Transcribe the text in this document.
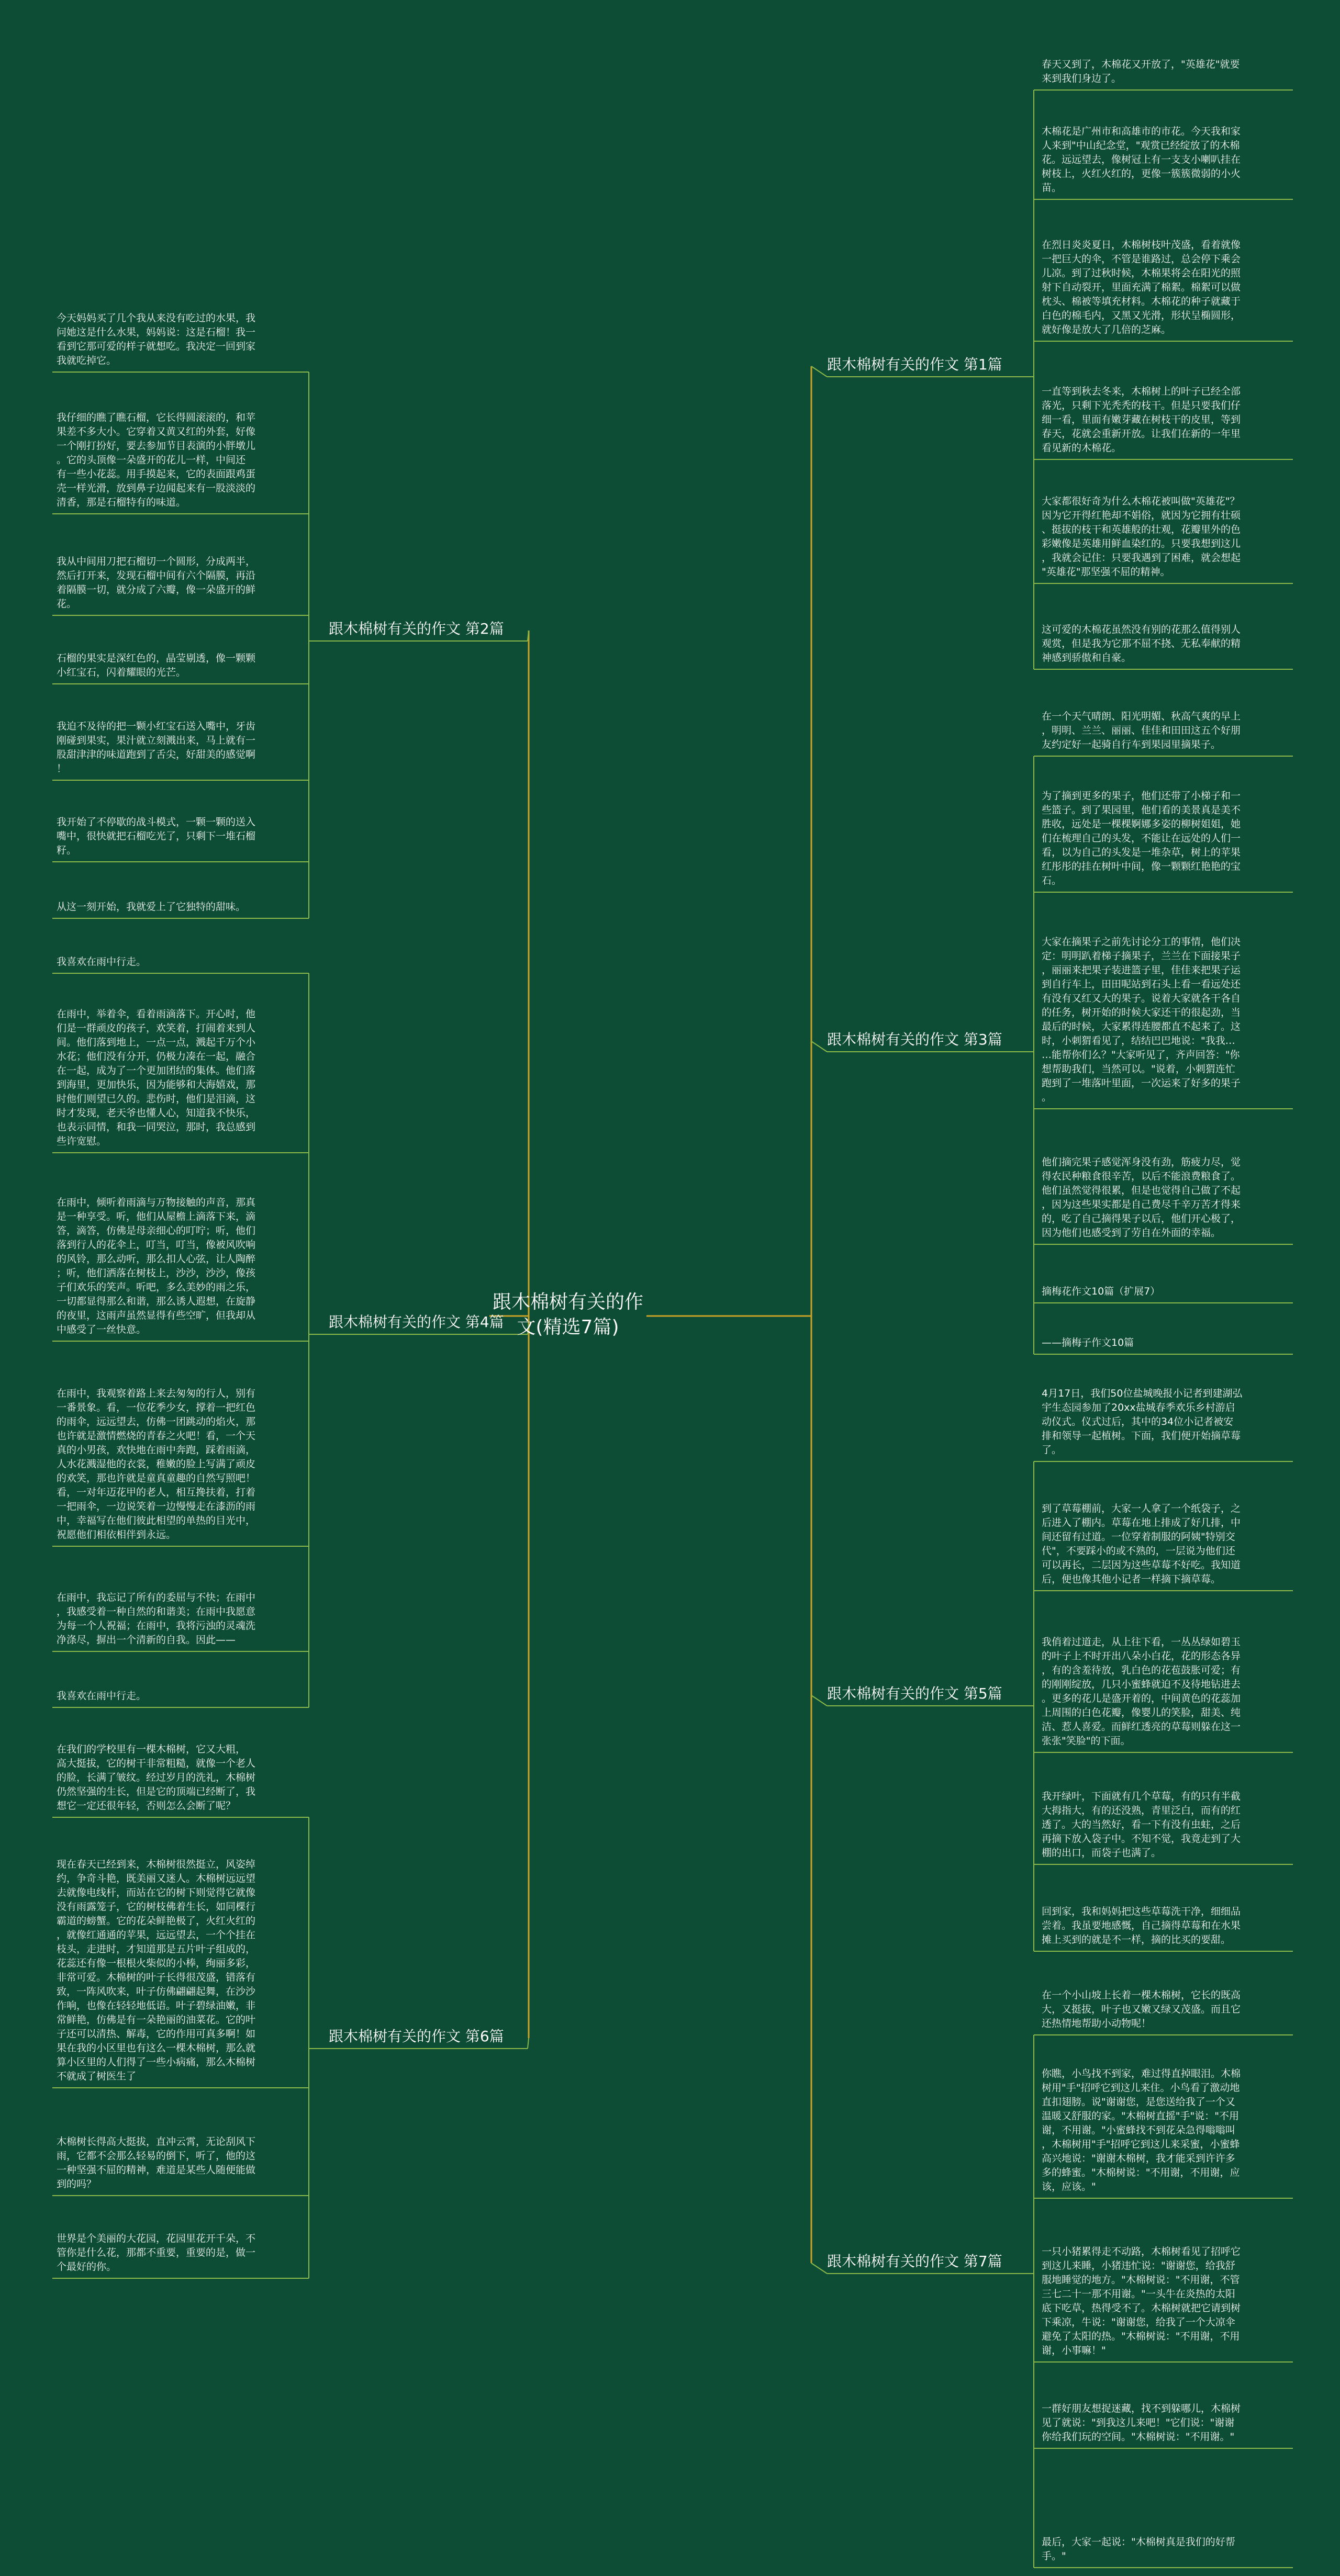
跟木棉树有关的作文(精选7篇)
跟木棉树有关的作文 第1篇
春天又到了，木棉花又开放了，"英雄花"就要
来到我们身边了。
木棉花是广州市和高雄市的市花。今天我和家
人来到"中山纪念堂，"观赏已经绽放了的木棉
花。远远望去，像树冠上有一支支小喇叭挂在
树枝上，火红火红的，更像一簇簇微弱的小火
苗。
在烈日炎炎夏日，木棉树枝叶茂盛，看着就像
一把巨大的伞，不管是谁路过，总会停下乘会
儿凉。到了过秋时候，木棉果将会在阳光的照
射下自动裂开，里面充满了棉絮。棉絮可以做
枕头、棉被等填充材料。木棉花的种子就藏于
白色的棉毛内，又黑又光滑，形状呈椭圆形，
就好像是放大了几倍的芝麻。
一直等到秋去冬来，木棉树上的叶子已经全部
落光，只剩下光秃秃的枝干。但是只要我们仔
细一看，里面有嫩芽藏在树枝干的皮里，等到
春天，花就会重新开放。让我们在新的一年里
看见新的木棉花。
大家都很好奇为什么木棉花被叫做"英雄花"？
因为它开得红艳却不娟俗，就因为它拥有壮硕
、挺拔的枝干和英雄般的壮观，花瓣里外的色
彩嫩像是英雄用鲜血染红的。只要我想到这儿
，我就会记住：只要我遇到了困难，就会想起
"英雄花"那坚强不屈的精神。
这可爱的木棉花虽然没有别的花那么值得别人
观赏，但是我为它那不屈不挠、无私奉献的精
神感到骄傲和自豪。
跟木棉树有关的作文 第3篇
在一个天气晴朗、阳光明媚、秋高气爽的早上
，明明、兰兰、丽丽、佳佳和田田这五个好朋
友约定好一起骑自行车到果园里摘果子。
为了摘到更多的果子，他们还带了小梯子和一
些篮子。到了果园里，他们看的美景真是美不
胜收，远处是一棵棵婀娜多姿的柳树姐姐，她
们在梳理自己的头发，不能让在远处的人们一
看，以为自己的头发是一堆杂草，树上的苹果
红彤彤的挂在树叶中间，像一颗颗红艳艳的宝
石。
大家在摘果子之前先讨论分工的事情，他们决
定：明明趴着梯子摘果子，兰兰在下面接果子
，丽丽来把果子装进篮子里，佳佳来把果子运
到自行车上，田田呢站到石头上看一看远处还
有没有又红又大的果子。说着大家就各干各自
的任务，树开始的时候大家还干的很起劲，当
最后的时候，大家累得连腰都直不起来了。这
时，小刺猬看见了，结结巴巴地说："我我…
…能帮你们么？"大家听见了，齐声回答："你
想帮助我们，当然可以。"说着，小刺猬连忙
跑到了一堆落叶里面，一次运来了好多的果子
。
他们摘完果子感觉浑身没有劲，筋疲力尽，觉
得农民种粮食很辛苦，以后不能浪费粮食了。
他们虽然觉得很累，但是也觉得自己做了不起
，因为这些果实都是自己费尽千辛万苦才得来
的，吃了自己摘得果子以后，他们开心极了，
因为他们也感受到了劳自在外面的幸福。
摘梅花作文10篇（扩展7）
——摘梅子作文10篇
跟木棉树有关的作文 第5篇
4月17日，我们50位盐城晚报小记者到建湖弘
宇生态园参加了20xx盐城春季欢乐乡村游启
动仪式。仪式过后，其中的34位小记者被安
排和领导一起植树。下面，我们便开始摘草莓
了。
到了草莓棚前，大家一人拿了一个纸袋子，之
后进入了棚内。草莓在地上排成了好几排，中
间还留有过道。一位穿着制服的阿姨"特别交
代"，不要踩小的或不熟的，一层说为他们还
可以再长，二层因为这些草莓不好吃。我知道
后，便也像其他小记者一样摘下摘草莓。
我俏着过道走，从上往下看，一丛丛绿如碧玉
的叶子上不时开出八朵小白花，花的形态各异
，有的含羞待放，乳白色的花苞鼓胀可爱；有
的刚刚绽放，几只小蜜蜂就迫不及待地钻进去
。更多的花儿是盛开着的，中间黄色的花蕊加
上周围的白色花瓣，像婴儿的笑脸，甜美、纯
洁、惹人喜爱。而鲜红透亮的草莓则躲在这一
张张"笑脸"的下面。
我开绿叶，下面就有几个草莓，有的只有半截
大拇指大，有的还没熟，青里泛白，而有的红
透了。大的当然好，看一下有没有虫蛀，之后
再摘下放入袋子中。不知不觉，我竟走到了大
棚的出口，而袋子也满了。
回到家，我和妈妈把这些草莓洗干净，细细品
尝着。我虽要地感慨，自己摘得草莓和在水果
摊上买到的就是不一样，摘的比买的要甜。
跟木棉树有关的作文 第7篇
在一个小山坡上长着一棵木棉树，它长的既高
大，又挺拔，叶子也又嫩又绿又茂盛。而且它
还热情地帮助小动物呢！
你瞧，小鸟找不到家，难过得直掉眼泪。木棉
树用"手"招呼它到这儿来住。小鸟看了激动地
直扣翅膀。说"谢谢您，是您送给我了一个又
温暖又舒服的家。"木棉树直摇"手"说："不用
谢，不用谢。"小蜜蜂找不到花朵急得嗡嗡叫
，木棉树用"手"招呼它到这儿来采蜜，小蜜蜂
高兴地说："谢谢木棉树，我才能采到许许多
多的蜂蜜。"木棉树说："不用谢，不用谢，应
该，应该。"
一只小猪累得走不动路，木棉树看见了招呼它
到这儿来睡，小猪违忙说："谢谢您，给我舒
服地睡觉的地方。"木棉树说："不用谢，不管
三七二十一那不用谢。"一头牛在炎热的太阳
底下吃草，热得受不了。木棉树就把它请到树
下乘凉，牛说："谢谢您，给我了一个大凉伞
避免了太阳的热。"木棉树说："不用谢，不用
谢，小事嘛！"
一群好朋友想捉迷藏，找不到躲哪儿，木棉树
见了就说："到我这儿来吧！"它们说："谢谢
你给我们玩的空间。"木棉树说："不用谢。"
最后，大家一起说："木棉树真是我们的好帮
手。"
跟木棉树有关的作文 第2篇
今天妈妈买了几个我从来没有吃过的水果，我
问她这是什么水果，妈妈说：这是石榴！我一
看到它那可爱的样子就想吃。我决定一回到家
我就吃掉它。
我仔细的瞧了瞧石榴，它长得圆滚滚的，和苹
果差不多大小。它穿着又黄又红的外套，好像
一个刚打扮好，要去参加节目表演的小胖墩儿
。它的头顶像一朵盛开的花儿一样，中间还
有一些小花蕊。用手摸起来，它的表面跟鸡蛋
壳一样光滑，放到鼻子边闻起来有一股淡淡的
清香，那是石榴特有的味道。
我从中间用刀把石榴切一个圆形，分成两半，
然后打开来，发现石榴中间有六个隔膜，再沿
着隔膜一切，就分成了六瓣，像一朵盛开的鲜
花。
石榴的果实是深红色的，晶莹剔透，像一颗颗
小红宝石，闪着耀眼的光芒。
我迫不及待的把一颗小红宝石送入嘴中，牙齿
刚碰到果实，果汁就立刻溅出来，马上就有一
股甜津津的味道跑到了舌尖，好甜美的感觉啊
！
我开始了不停歇的战斗模式，一颗一颗的送入
嘴中，很快就把石榴吃光了，只剩下一堆石榴
籽。
从这一刻开始，我就爱上了它独特的甜味。
跟木棉树有关的作文 第4篇
我喜欢在雨中行走。
在雨中，举着伞，看着雨滴落下。开心时，他
们是一群顽皮的孩子，欢笑着，打闹着来到人
间。他们落到地上，一点一点，溅起千万个小
水花；他们没有分开，仍极力凑在一起，融合
在一起，成为了一个更加团结的集体。他们落
到海里，更加快乐，因为能够和大海嬉戏，那
时他们则望已久的。悲伤时，他们是泪滴，这
时才发现，老天爷也懂人心，知道我不快乐，
也表示同情，和我一同哭泣，那时，我总感到
些许宽慰。
在雨中，倾听着雨滴与万物接触的声音，那真
是一种享受。听，他们从屋檐上滴落下来，滴
答，滴答，仿佛是母亲细心的叮咛；听，他们
落到行人的花伞上，叮当，叮当，像被风吹响
的风铃，那么动听，那么扣人心弦，让人陶醉
；听，他们洒落在树枝上，沙沙，沙沙，像孩
子们欢乐的笑声。听吧，多么美妙的雨之乐，
一切都显得那么和谐，那么诱人遐想，在旋静
的夜里，这雨声虽然显得有些空旷，但我却从
中感受了一丝快意。
在雨中，我观察着路上来去匆匆的行人，别有
一番景象。看，一位花季少女，撑着一把红色
的雨伞，远远望去，仿佛一团跳动的焰火，那
也许就是激情燃烧的青春之火吧！看，一个天
真的小男孩，欢快地在雨中奔跑，踩着雨滴，
人水花溅湿他的衣裳，稚嫩的脸上写满了顽皮
的欢笑，那也许就是童真童趣的自然写照吧！
看，一对年迈花甲的老人，相互搀扶着，打着
一把雨伞，一边说笑着一边慢慢走在漆沥的雨
中，幸福写在他们彼此相望的单热的目光中，
祝愿他们相依相伴到永远。
在雨中，我忘记了所有的委屈与不快；在雨中
，我感受着一种自然的和谐美；在雨中我愿意
为每一个人祝福；在雨中，我将污浊的灵魂洗
净涤尽，摒出一个清新的自我。因此——
我喜欢在雨中行走。
跟木棉树有关的作文 第6篇
在我们的学校里有一棵木棉树，它又大粗，
高大挺拔，它的树干非常粗糙，就像一个老人
的脸，长满了皱纹。经过岁月的洗礼，木棉树
仍然坚强的生长，但是它的顶端已经断了，我
想它一定还很年轻，否则怎么会断了呢？
现在春天已经到来，木棉树很然挺立，风姿绰
约，争奇斗艳，既美丽又迷人。木棉树远远望
去就像电线杆，而站在它的树下则觉得它就像
没有雨露笼子，它的树枝佛着生长，如同棵行
霸道的螃蟹。它的花朵鲜艳极了，火红火红的
，就像红通通的苹果，远远望去，一个个挂在
枝头，走进时，才知道那是五片叶子组成的，
花蕊还有像一根根火柴似的小棒，绚丽多彩，
非常可爱。木棉树的叶子长得很茂盛，错落有
致，一阵风吹来，叶子仿佛翩翩起舞，在沙沙
作响，也像在轻轻地低语。叶子碧绿油嫩，非
常鲜艳，仿佛是有一朵艳丽的油菜花。它的叶
子还可以清热、解毒，它的作用可真多啊！如
果在我的小区里也有这么一棵木棉树，那么就
算小区里的人们得了一些小病痛，那么木棉树
不就成了树医生了
木棉树长得高大挺拔，直冲云霄，无论刮风下
雨，它都不会那么轻易的倒下，听了，他的这
一种坚强不屈的精神，难道是某些人随便能做
到的吗？
世界是个美丽的大花园，花园里花开千朵，不
管你是什么花，那都不重要，重要的是，做一
个最好的你。
